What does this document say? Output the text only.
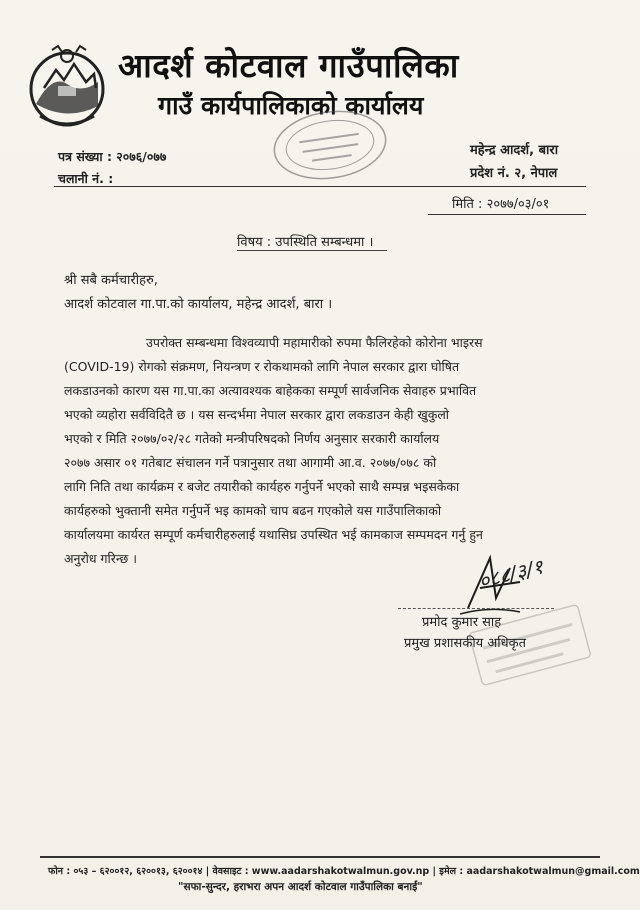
आदर्श कोटवाल गाउँपालिका
गाउँ कार्यपालिकाको कार्यालय
पत्र संख्या : २०७६/०७७
चलानी नं. :
महेन्द्र आदर्श, बारा
प्रदेश नं. २, नेपाल
मिति : २०७७/०३/०१
विषय : उपस्थिति सम्बन्धमा ।
श्री सबै कर्मचारीहरु,
आदर्श कोटवाल गा.पा.को कार्यालय, महेन्द्र आदर्श, बारा ।
उपरोक्त सम्बन्धमा विश्वव्यापी महामारीको रुपमा फैलिरहेको कोरोना भाइरस
(COVID-19) रोगको संक्रमण, नियन्त्रण र रोकथामको लागि नेपाल सरकार द्वारा घोषित
लकडाउनको कारण यस गा.पा.का अत्यावश्यक बाहेकका सम्पूर्ण सार्वजनिक सेवाहरु प्रभावित
भएको व्यहोरा सर्वविदितै छ । यस सन्दर्भमा नेपाल सरकार द्वारा लकडाउन केही खुकुलो
भएको र मिति २०७७/०२/२८ गतेको मन्त्रीपरिषदको निर्णय अनुसार सरकारी कार्यालय
२०७७ असार ०१ गतेबाट संचालन गर्ने पत्रानुसार तथा आगामी आ.व. २०७७/०७८ को
लागि निति तथा कार्यक्रम र बजेट तयारीको कार्यहरु गर्नुपर्ने भएको साथै सम्पन्न भइसकेका
कार्यहरुको भुक्तानी समेत गर्नुपर्ने भइ कामको चाप बढन गएकोले यस गाउँपालिकाको
कार्यालयमा कार्यरत सम्पूर्ण कर्मचारीहरुलाई यथासिघ्र उपस्थित भई कामकाज सम्पमदन गर्नु हुन
अनुरोध गरिन्छ ।	०८८/३/१
प्रमोद कुमार साह
प्रमुख प्रशासकीय अधिकृत
फोन : ०५३ – ६२००१२, ६२००१३, ६२००१४ | वेवसाइट : www.aadarshakotwalmun.gov.np | इमेल : aadarshakotwalmun@gmail.com
"सफा-सुन्दर, हराभरा अपन आदर्श कोटवाल गाउँपालिका बनाईं"
